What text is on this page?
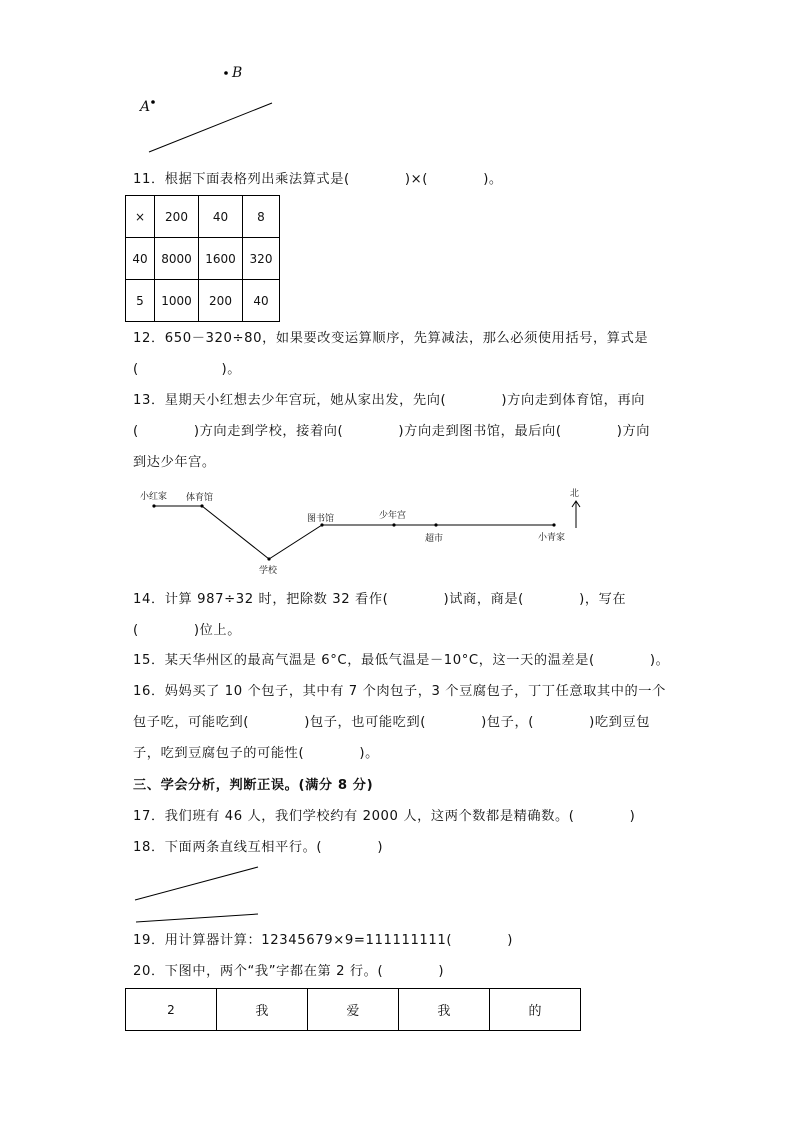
A
B
11．根据下面表格列出乘法算式是(　　　　)×(　　　　)。
×	200	40	8
40	8000	1600	320
5	1000	200	40
12．650－320÷80，如果要改变运算顺序，先算减法，那么必须使用括号，算式是
(　　　　　　)。
13．星期天小红想去少年宫玩，她从家出发，先向(　　　　)方向走到体育馆，再向
(　　　　)方向走到学校，接着向(　　　　)方向走到图书馆，最后向(　　　　)方向
到达少年宫。
小红家 体育馆
学校
图书馆	少年宫
超市	小青家
北
14．计算 987÷32 时，把除数 32 看作(　　　　)试商，商是(　　　　)，写在
(　　　　)位上。
15．某天华州区的最高气温是 6°C，最低气温是－10°C，这一天的温差是(　　　　)。
16．妈妈买了 10 个包子，其中有 7 个肉包子，3 个豆腐包子，丁丁任意取其中的一个
包子吃，可能吃到(　　　　)包子，也可能吃到(　　　　)包子，(　　　　)吃到豆包
子，吃到豆腐包子的可能性(　　　　)。
三、学会分析，判断正误。(满分 8 分)
17．我们班有 46 人，我们学校约有 2000 人，这两个数都是精确数。(　　　　)
18．下面两条直线互相平行。(　　　　)
19．用计算器计算：12345679×9=111111111(　　　　)
20．下图中，两个“我”字都在第 2 行。(　　　　)
2	我	爱	我	的
